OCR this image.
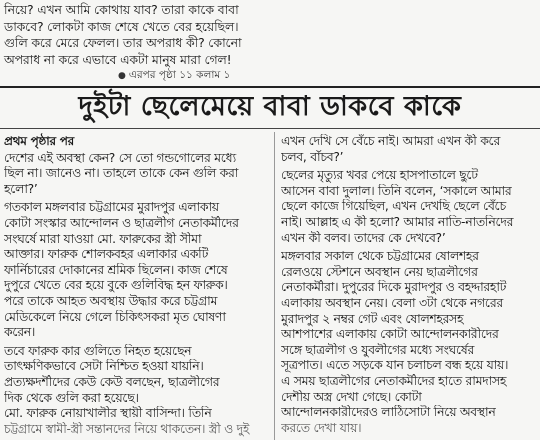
নিয়ে? এখন আমি কোথায় যাব? তারা কাকে বাবা
ডাকবে? লোকটা কাজ শেষে খেতে বের হয়েছিল।
গুলি করে মেরে ফেলল। তার অপরাধ কী? কোনো
অপরাধ না করে এভাবে একটা মানুষ মারা গেল!
● এরপর পৃষ্ঠা ১১ কলাম ১
দুইটা ছেলেমেয়ে বাবা ডাকবে কাকে
প্রথম পৃষ্ঠার পর
দেশের এই অবস্থা কেন? সে তো গন্ডগোলের মধ্যে
ছিল না। জানেও না। তাহলে তাকে কেন গুলি করা
হলো?’
গতকাল মঙ্গলবার চট্টগ্রামের মুরাদপুর এলাকায়
কোটা সংস্কার আন্দোলন ও ছাত্রলীগ নেতাকর্মীদের
সংঘর্ষে মারা যাওয়া মো. ফারুকের স্ত্রী সীমা
আক্তার। ফারুক শোলকবহর এলাকার একটি
ফার্নিচারের দোকানের শ্রমিক ছিলেন। কাজ শেষে
দুপুরে খেতে বের হয়ে বুকে গুলিবিদ্ধ হন ফারুক।
পরে তাকে আহত অবস্থায় উদ্ধার করে চট্টগ্রাম
মেডিকেলে নিয়ে গেলে চিকিৎসকরা মৃত ঘোষণা
করেন।
তবে ফারুক কার গুলিতে নিহত হয়েছেন
তাৎক্ষণিকভাবে সেটা নিশ্চিত হওয়া যায়নি।
প্রত্যক্ষদর্শীদের কেউ কেউ বলছেন, ছাত্রলীগের
দিক থেকে গুলি করা হয়েছে।
মো. ফারুক নোয়াখালীর স্থায়ী বাসিন্দা। তিনি
চট্টগ্রামে স্বামী-স্ত্রী সন্তানদের নিয়ে থাকতেন। স্ত্রী ও দুই
এখন দেখি সে বেঁচে নাই। আমরা এখন কী করে
চলব, বাঁচব?’
ছেলের মৃত্যুর খবর পেয়ে হাসপাতালে ছুটে
আসেন বাবা দুলাল। তিনি বলেন, ‘সকালে আমার
ছেলে কাজে গিয়েছিল, এখন দেখছি ছেলে বেঁচে
নাই। আল্লাহ এ কী হলো? আমার নাতি-নাতনিদের
এখন কী বলব। তাদের কে দেখবে?’
মঙ্গলবার সকাল থেকে চট্টগ্রামের ষোলশহর
রেলওয়ে স্টেশনে অবস্থান নেয় ছাত্রলীগের
নেতাকর্মীরা। দুপুরের দিকে মুরাদপুর ও বহদ্দারহাট
এলাকায় অবস্থান নেয়। বেলা ৩টা থেকে নগরের
মুরাদপুর ২ নম্বর গেট এবং ষোলশহরসহ
আশপাশের এলাকায় কোটা আন্দোলনকারীদের
সঙ্গে ছাত্রলীগ ও যুবলীগের মধ্যে সংঘর্ষের
সূত্রপাত। এতে সড়কে যান চলাচল বন্ধ হয়ে যায়।
এ সময় ছাত্রলীগের নেতাকর্মীদের হাতে রামদাসহ
দেশীয় অস্ত্র দেখা গেছে। কোটা
আন্দোলনকারীদেরও লাঠিসোটা নিয়ে অবস্থান
করতে দেখা যায়।
